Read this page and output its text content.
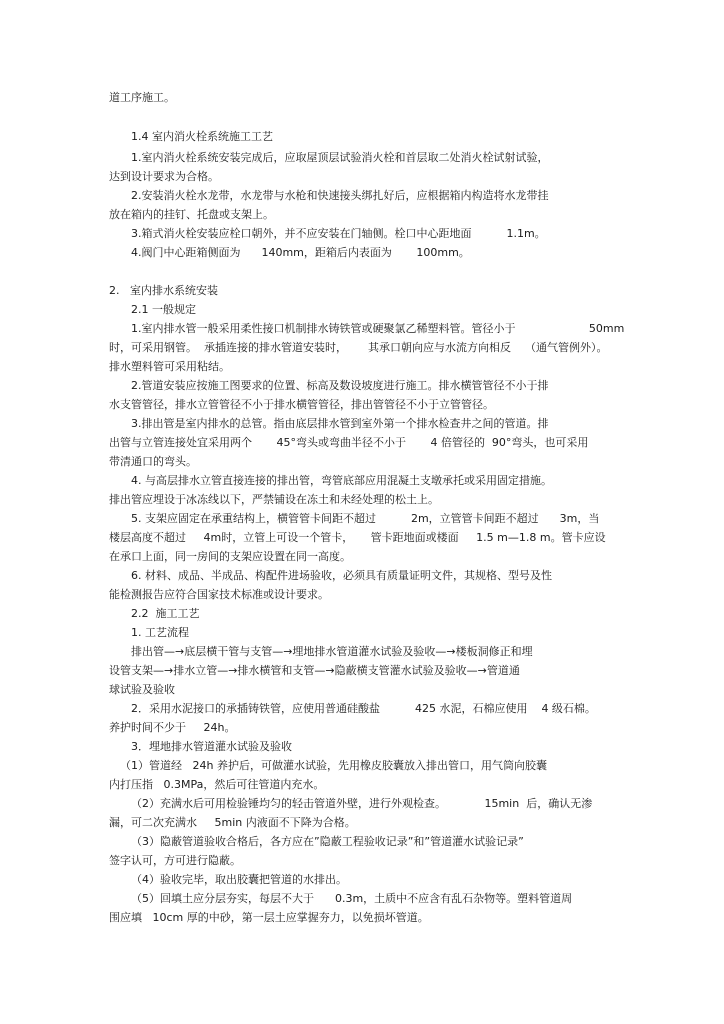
道工序施工。
1.4 室内消火栓系统施工工艺
1.室内消火栓系统安装完成后，应取屋顶层试验消火栓和首层取二处消火栓试射试验，
达到设计要求为合格。
2.安装消火栓水龙带，水龙带与水枪和快速接头绑扎好后，应根据箱内构造将水龙带挂
放在箱内的挂钉、托盘或支架上。
3.箱式消火栓安装应栓口朝外，并不应安装在门轴侧。栓口中心距地面          1.1m。
4.阀门中心距箱侧面为      140mm，距箱后内表面为       100mm。
2.   室内排水系统安装
2.1 一般规定
1.室内排水管一般采用柔性接口机制排水铸铁管或硬聚氯乙稀塑料管。管径小于                     50mm
时，可采用钢管。  承插连接的排水管道安装时，      其承口朝向应与水流方向相反    （通气管例外）。
排水塑料管可采用粘结。
2.管道安装应按施工图要求的位置、标高及数设坡度进行施工。排水横管管径不小于排
水支管管径，排水立管管径不小于排水横管管径，排出管管径不小于立管管径。
3.排出管是室内排水的总管。指由底层排水管到室外第一个排水检查井之间的管道。排
出管与立管连接处宜采用两个       45°弯头或弯曲半径不小于       4 倍管径的  90°弯头，也可采用
带清通口的弯头。
4. 与高层排水立管直接连接的排出管，弯管底部应用混凝土支墩承托或采用固定措施。
排出管应埋设于冰冻线以下，严禁铺设在冻土和未经处理的松土上。
5. 支架应固定在承重结构上，横管管卡间距不超过          2m，立管管卡间距不超过      3m，当
楼层高度不超过     4m时，立管上可设一个管卡，     管卡距地面或楼面     1.5 m—1.8 m。管卡应设
在承口上面，同一房间的支架应设置在同一高度。
6. 材料、成品、半成品、构配件进场验收，必须具有质量证明文件，其规格、型号及性
能检测报告应符合国家技术标准或设计要求。
2.2  施工工艺
1. 工艺流程
排出管—→底层横干管与支管—→埋地排水管道灌水试验及验收—→楼板洞修正和埋
设管支架—→排水立管—→排水横管和支管—→隐蔽横支管灌水试验及验收—→管道通
球试验及验收
2．采用水泥接口的承插铸铁管，应使用普通硅酸盐          425 水泥，石棉应使用    4 级石棉。
养护时间不少于     24h。
3．埋地排水管道灌水试验及验收
（1）管道经   24h 养护后，可做灌水试验，先用橡皮胶囊放入排出管口，用气筒向胶囊
内打压指   0.3MPa，然后可往管道内充水。
（2）充满水后可用检验锤均匀的轻击管道外壁，进行外观检查。           15min  后，确认无渗
漏，可二次充满水     5min 内液面不下降为合格。
（3）隐蔽管道验收合格后，各方应在”隐蔽工程验收记录”和”管道灌水试验记录”
签字认可，方可进行隐蔽。
（4）验收完毕，取出胶囊把管道的水排出。
（5）回填土应分层夯实，每层不大于      0.3m，土质中不应含有乱石杂物等。塑料管道周
围应填   10cm 厚的中砂，第一层土应掌握夯力，以免损坏管道。
